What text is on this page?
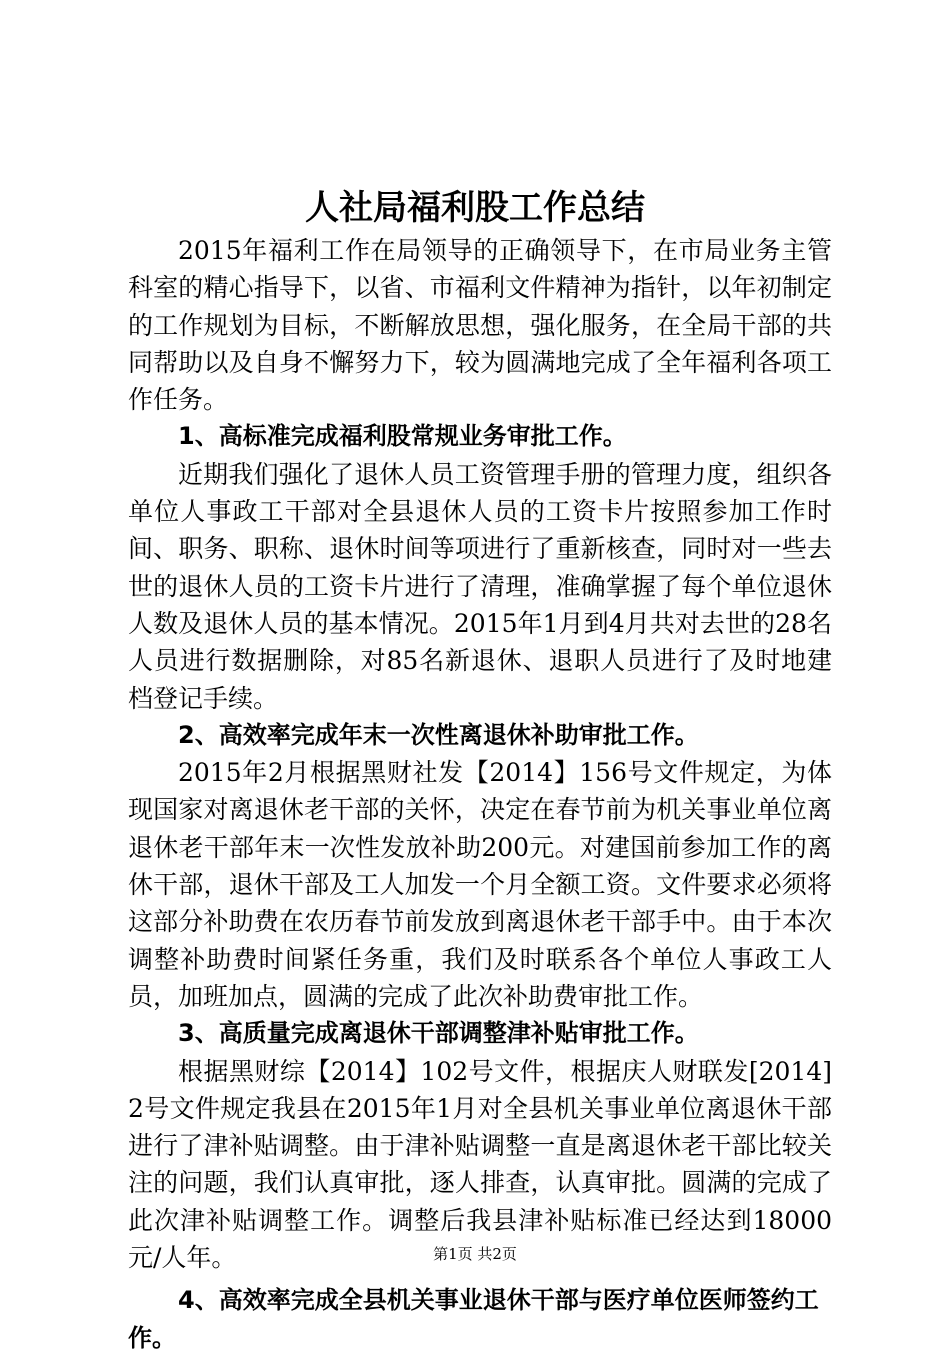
人社局福利股工作总结

2015年福利工作在局领导的正确领导下，在市局业务主管科室的精心指导下，以省、市福利文件精神为指针，以年初制定的工作规划为目标，不断解放思想，强化服务，在全局干部的共同帮助以及自身不懈努力下，较为圆满地完成了全年福利各项工作任务。

1、高标准完成福利股常规业务审批工作。

近期我们强化了退休人员工资管理手册的管理力度，组织各单位人事政工干部对全县退休人员的工资卡片按照参加工作时间、职务、职称、退休时间等项进行了重新核查，同时对一些去世的退休人员的工资卡片进行了清理，准确掌握了每个单位退休人数及退休人员的基本情况。2015年1月到4月共对去世的28名人员进行数据删除，对85名新退休、退职人员进行了及时地建档登记手续。

2、高效率完成年末一次性离退休补助审批工作。

2015年2月根据黑财社发【2014】156号文件规定，为体现国家对离退休老干部的关怀，决定在春节前为机关事业单位离退休老干部年末一次性发放补助200元。对建国前参加工作的离休干部，退休干部及工人加发一个月全额工资。文件要求必须将这部分补助费在农历春节前发放到离退休老干部手中。由于本次调整补助费时间紧任务重，我们及时联系各个单位人事政工人员，加班加点，圆满的完成了此次补助费审批工作。

3、高质量完成离退休干部调整津补贴审批工作。

根据黑财综【2014】102号文件，根据庆人财联发[2014]2号文件规定我县在2015年1月对全县机关事业单位离退休干部进行了津补贴调整。由于津补贴调整一直是离退休老干部比较关注的问题，我们认真审批，逐人排查，认真审批。圆满的完成了此次津补贴调整工作。调整后我县津补贴标准已经达到18000元/人年。

4、高效率完成全县机关事业退休干部与医疗单位医师签约工作。

第1页 共2页
